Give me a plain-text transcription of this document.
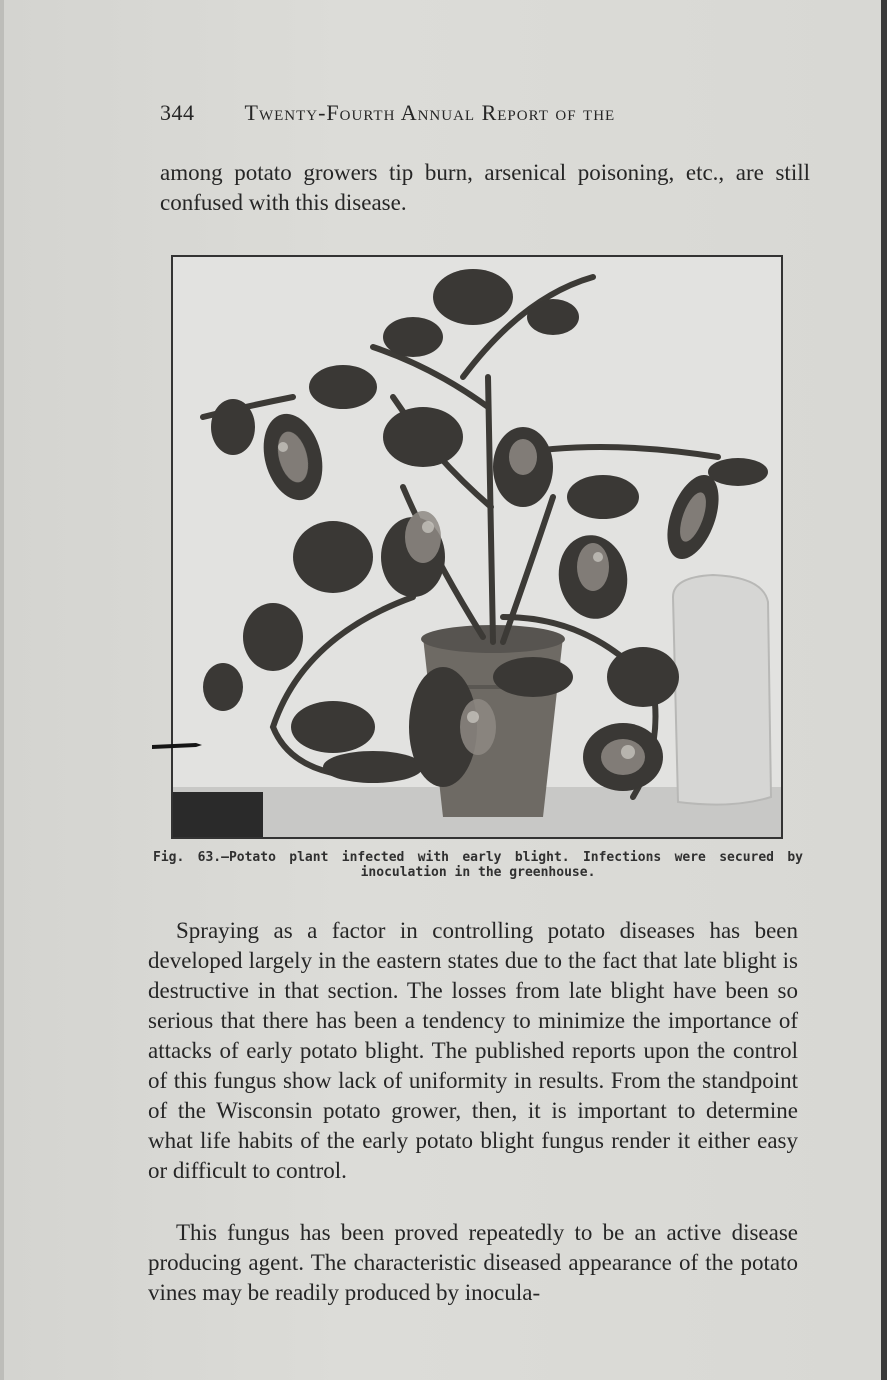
344 Twenty-Fourth Annual Report of the

among potato growers tip burn, arsenical poisoning, etc., are still confused with this disease.

Fig. 63.—Potato plant infected with early blight. Infections were secured by
inoculation in the greenhouse.

Spraying as a factor in controlling potato diseases has been developed largely in the eastern states due to the fact that late blight is destructive in that section. The losses from late blight have been so serious that there has been a tendency to minimize the importance of attacks of early potato blight. The published reports upon the control of this fungus show lack of uniformity in results. From the standpoint of the Wisconsin potato grower, then, it is important to determine what life habits of the early potato blight fungus render it either easy or difficult to control.

This fungus has been proved repeatedly to be an active disease producing agent. The characteristic diseased appearance of the potato vines may be readily produced by inocula-
